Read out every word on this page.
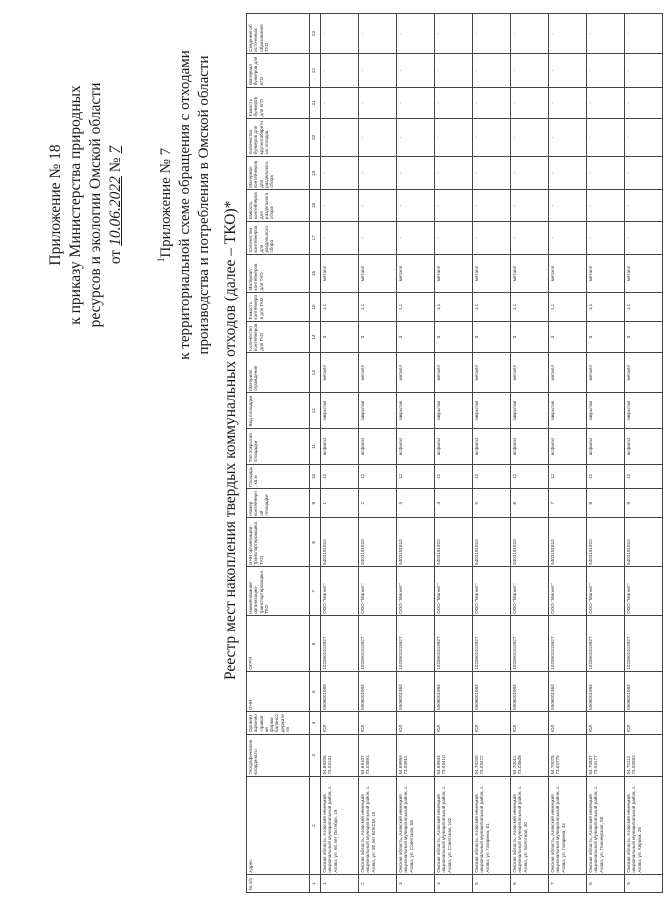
Приложение № 18 к приказу Министерства природных ресурсов и экологии Омской области от 10.06.2022 № 7
$^1$Приложение № 7 к территориальной схеме обращения с отходами производства и потребления в Омской области Реестр мест накопления твердых коммунальных отходов (далее – ТКО)*
№ п/п	Адрес	Географические координаты	Организационно-правовая форма балансодержателя	ИНН	ОГРН	Наименование организации-транспортировщика ТКО	ИНН организации-транспортировщика ТКО	Номер контейнерной площадки	Площадь, кв.м	Тип покрытия площадки	Вид площадки	Материал ограждения	Количество контейнеров для ТКО	Емкость контейнеров для ТКО	Материал контейнеров для ТКО	Количество контейнеров для раздельного сбора	Емкость контейнеров для раздельного сбора	Материал контейнеров для раздельного сбора	Количество бункеров для крупногабаритных отходов	Емкость бункеров для КГО	Материал бункеров для КГО	Сведения об источниках образования ТКО
1	2	3	4	5	6	7	8	9	10	11	12	13	14	15	16	17	18	19	20	21	22	23
1	Омская область, Азовский немецкий национальный муниципальный район, с. Азово, ул. 60 лет Октября, 19	54.69206 73.04131	ЮЛ	5506001989	1025501515927	ООО "Магнит"	5403181810	1	12	асфальт	закрытая	металл	3	1,1	металл	-	-	-	-	-	-	-
2	Омская область, Азовский немецкий национальный муниципальный район, с. Азово, ул. 30 лет ВЛКСМ, 15	54.69107 73.03891	ЮЛ	5506001984	1025501515927	ООО "Магнит"	5403181810	2	12	асфальт	закрытая	металл	3	1,1	металл	-	-	-	-	-	-	-
3	Омская область, Азовский немецкий национальный муниципальный район, с. Азово, ул. Советская, 58	54.69994 73.03911	ЮЛ	5506001984	1025501515927	ООО "Магнит"	5403181810	3	12	асфальт	закрытая	металл	3	1,1	металл	-	-	-	-	-	-	-
4	Омская область, Азовский немецкий национальный муниципальный район, с. Азово, ул. Советская, 102	54.69944 73.03410	ЮЛ	5506001984	1025501515927	ООО "Магнит"	5403181810	4	12	асфальт	закрытая	металл	3	1,1	металл	-	-	-	-	-	-	-
5	Омская область, Азовский немецкий национальный муниципальный район, с. Азово, ул. Гагарина, 51	54.70200 73.03472	ЮЛ	5506001984	1025501515927	ООО "Магнит"	5403181810	5	12	асфальт	закрытая	металл	3	1,1	металл	-	-	-	-	-	-	-
6	Омская область, Азовский немецкий национальный муниципальный район, с. Азово, ул. Болотная, 30	54.70011 73.03508	ЮЛ	5506001984	1025501515927	ООО "Магнит"	5403181810	6	12	асфальт	закрытая	металл	3	1,1	металл	-	-	-	-	-	-	-
7	Омская область, Азовский немецкий национальный муниципальный район, с. Азово, ул. Гагарина, 43	54.70078 73.03776	ЮЛ	5506001984	1025501515927	ООО "Магнит"	5403181810	7	12	асфальт	закрытая	металл	3	1,1	металл	-	-	-	-	-	-	-
8	Омская область, Азовский немецкий национальный муниципальный район, с. Азово, ул. Пионерская, 58	54.70837 73.03177	ЮЛ	5506001984	1025501515927	ООО "Магнит"	5403181810	8	12	асфальт	закрытая	металл	3	1,1	металл	-	-	-	-	-	-	-
9	Омская область, Азовский немецкий национальный муниципальный район, с. Азово, ул. Кирова, 26	54.70112 73.03592	ЮЛ	5506001984	1025501515927	ООО "Магнит"	5403181810	9	12	асфальт	закрытая	металл	3	1,1	металл	-	-	-	-	-	-	-
